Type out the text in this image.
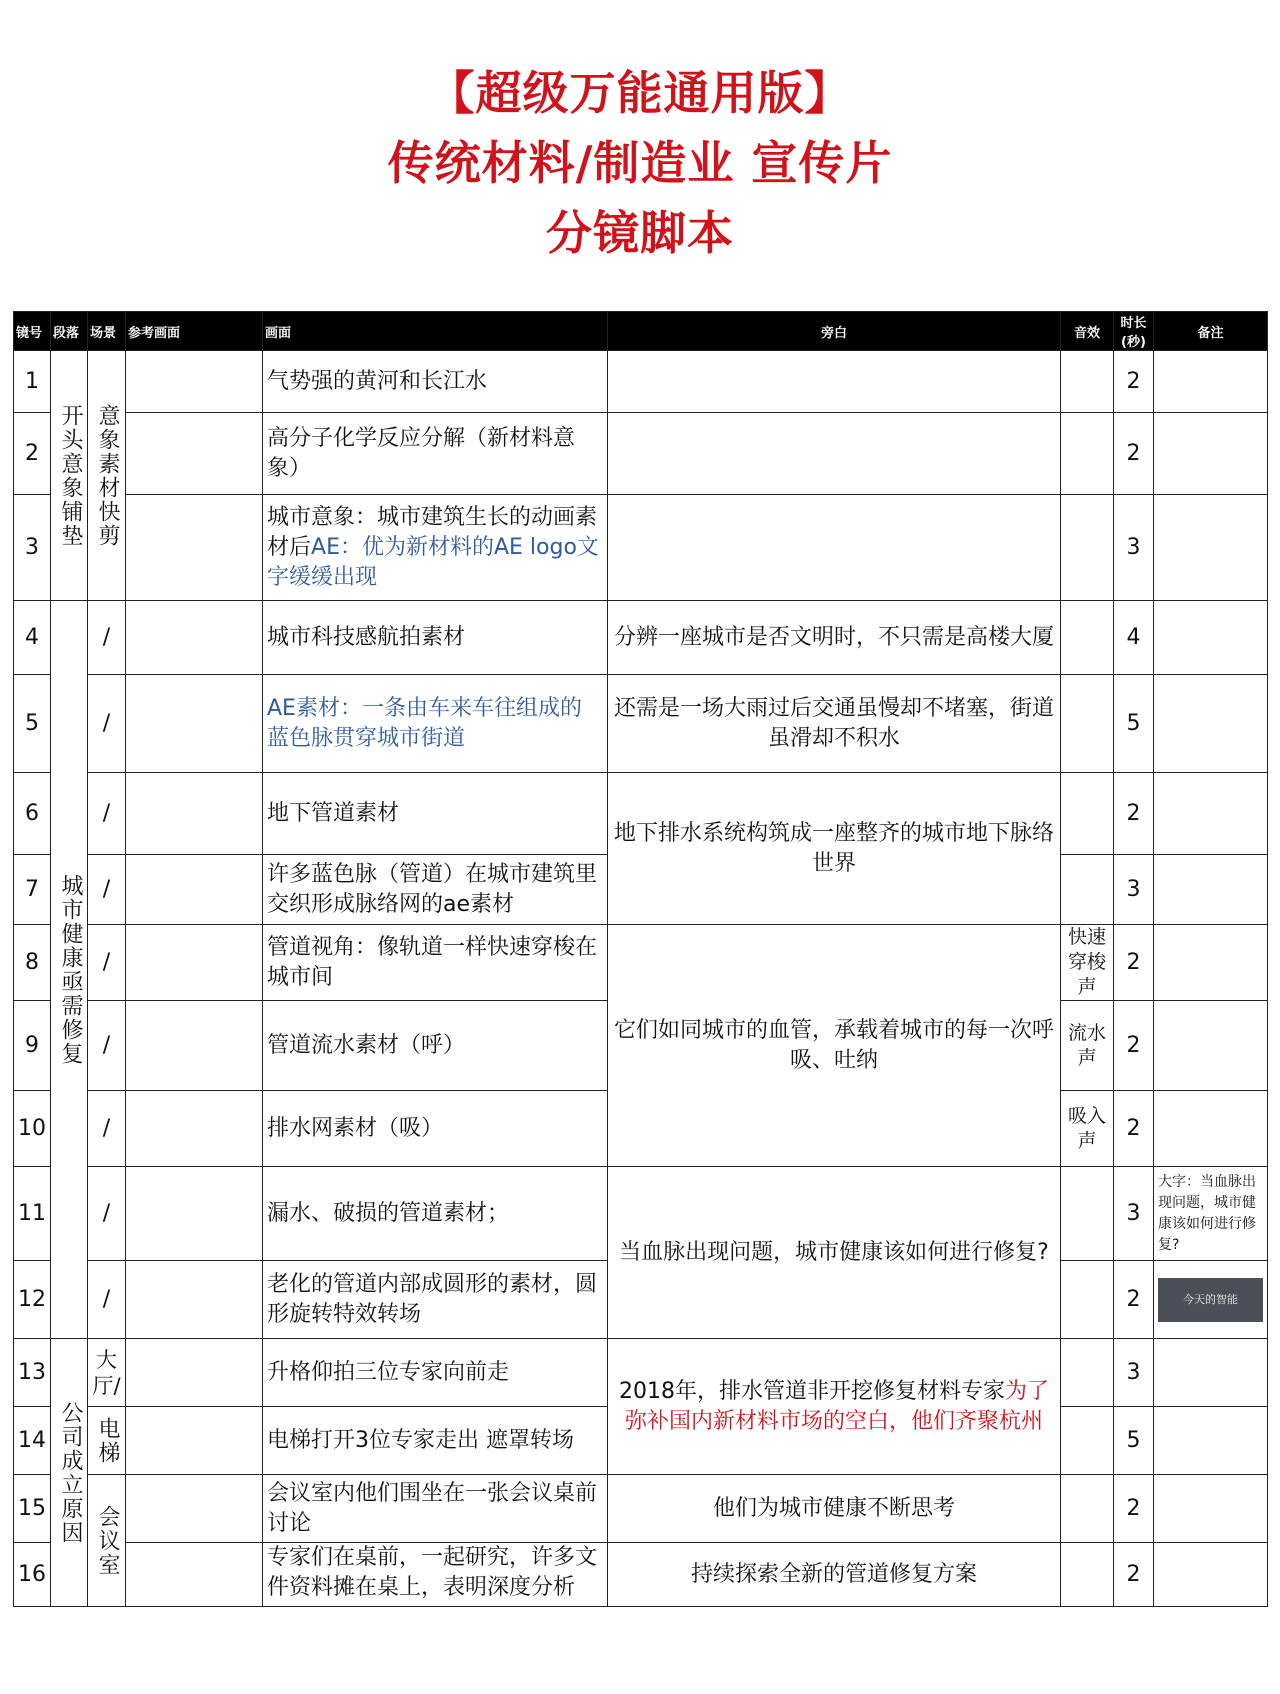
【超级万能通用版】
传统材料/制造业 宣传片
分镜脚本
镜号	段落	场景	参考画面	画面	旁白	音效	时长(秒)	备注
1	开头意象铺垫	意象素材快剪		气势强的黄河和长江水			2	
2				高分子化学反应分解（新材料意象）			2	
3				城市意象：城市建筑生长的动画素材后AE：优为新材料的AE logo文字缓缓出现			3	
4	城市健康亟需修复	/		城市科技感航拍素材	分辨一座城市是否文明时，不只需是高楼大厦		4	
5		/		AE素材：一条由车来车往组成的蓝色脉贯穿城市街道	还需是一场大雨过后交通虽慢却不堵塞，街道虽滑却不积水		5	
6		/		地下管道素材	地下排水系统构筑成一座整齐的城市地下脉络世界		2	
7		/		许多蓝色脉（管道）在城市建筑里交织形成脉络网的ae素材			3	
8		/		管道视角：像轨道一样快速穿梭在城市间	它们如同城市的血管，承载着城市的每一次呼吸、吐纳	快速穿梭声	2	
9		/		管道流水素材（呼）		流水声	2	
10		/		排水网素材（吸）		吸入声	2	
11		/		漏水、破损的管道素材；	当血脉出现问题，城市健康该如何进行修复?		3	大字：当血脉出现问题，城市健康该如何进行修复?
12		/		老化的管道内部成圆形的素材，圆形旋转特效转场			2	今天的智能

13	公司成立原因	大厅/		升格仰拍三位专家向前走	2018年，排水管道非开挖修复材料专家为了弥补国内新材料市场的空白，他们齐聚杭州		3	
14		电梯		电梯打开3位专家走出 遮罩转场			5	
15		会议室		会议室内他们围坐在一张会议桌前讨论	他们为城市健康不断思考		2	
16				专家们在桌前，一起研究，许多文件资料摊在桌上，表明深度分析	持续探索全新的管道修复方案		2	
